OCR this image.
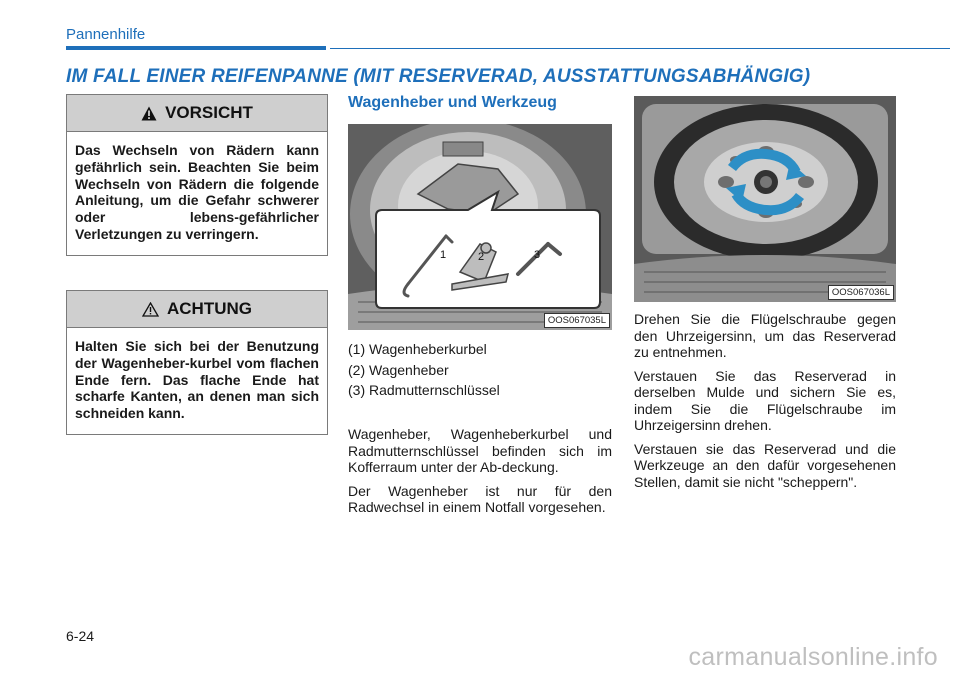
Pannenhilfe
IM FALL EINER REIFENPANNE (MIT RESERVERAD, AUSSTATTUNGSABHÄNGIG)
VORSICHT
Das Wechseln von Rädern kann gefährlich sein. Beachten Sie beim Wechseln von Rädern die folgende Anleitung, um die Gefahr schwerer oder lebens-gefährlicher Verletzungen zu verringern.
ACHTUNG
Halten Sie sich bei der Benutzung der Wagenheber-kurbel vom flachen Ende fern. Das flache Ende hat scharfe Kanten, an denen man sich schneiden kann.
Wagenheber und Werkzeug
1	2	3
OOS067035L
(1) Wagenheberkurbel
(2) Wagenheber
(3) Radmutternschlüssel

Wagenheber, Wagenheberkurbel und Radmutternschlüssel befinden sich im Kofferraum unter der Ab-deckung.

Der Wagenheber ist nur für den Radwechsel in einem Notfall vorgesehen.

OOS067036L

Drehen Sie die Flügelschraube gegen den Uhrzeigersinn, um das Reserverad zu entnehmen.

Verstauen Sie das Reserverad in derselben Mulde und sichern Sie es, indem Sie die Flügelschraube im Uhrzeigersinn drehen.

Verstauen sie das Reserverad und die Werkzeuge an den dafür vorgesehenen Stellen, damit sie nicht "scheppern".

6-24
carmanualsonline.info
